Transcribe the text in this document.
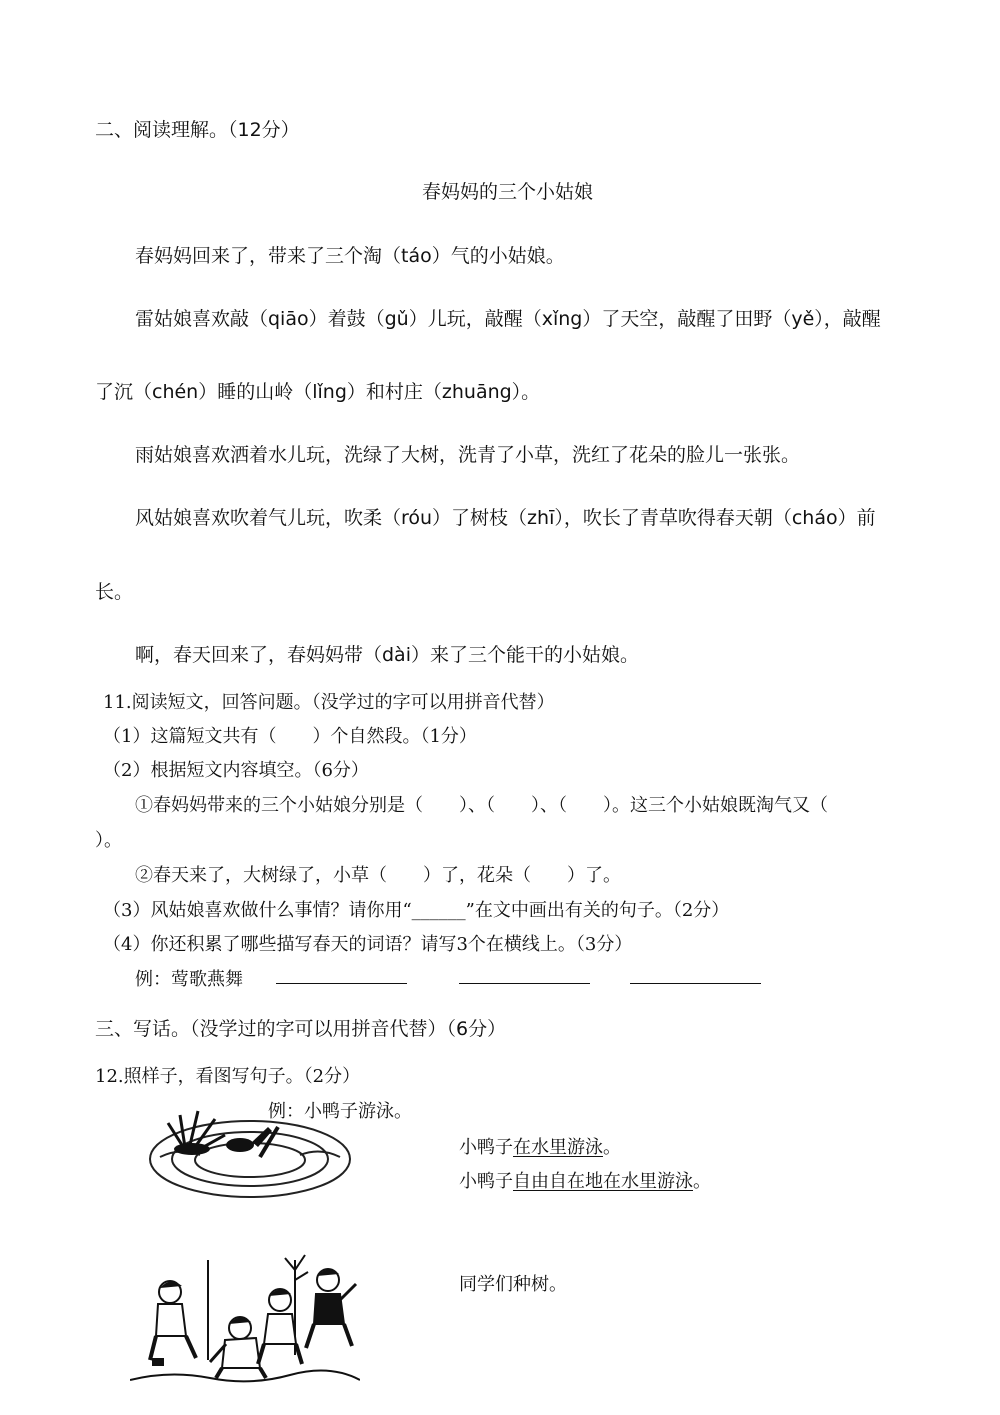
二、阅读理解。（12分）
春妈妈的三个小姑娘
春妈妈回来了，带来了三个淘（táo）气的小姑娘。
雷姑娘喜欢敲（qiāo）着鼓（gǔ）儿玩，敲醒（xǐng）了天空，敲醒了田野（yě），敲醒
了沉（chén）睡的山岭（lǐng）和村庄（zhuāng）。
雨姑娘喜欢洒着水儿玩，洗绿了大树，洗青了小草，洗红了花朵的脸儿一张张。
风姑娘喜欢吹着气儿玩，吹柔（róu）了树枝（zhī），吹长了青草吹得春天朝（cháo）前
长。
啊，春天回来了，春妈妈带（dài）来了三个能干的小姑娘。
11.阅读短文，回答问题。（没学过的字可以用拼音代替）
（1）这篇短文共有（　　）个自然段。（1分）
（2）根据短文内容填空。（6分）
①春妈妈带来的三个小姑娘分别是（　　）、（　　）、（　　）。这三个小姑娘既淘气又（
）。
②春天来了，大树绿了，小草（　　）了，花朵（　　）了。
（3）风姑娘喜欢做什么事情？请你用“______”在文中画出有关的句子。（2分）
（4）你还积累了哪些描写春天的词语？请写3个在横线上。（3分）
例：莺歌燕舞
三、写话。（没学过的字可以用拼音代替）（6分）
12.照样子，看图写句子。（2分）
例：小鸭子游泳。
小鸭子在水里游泳。
小鸭子自由自在地在水里游泳。
同学们种树。
